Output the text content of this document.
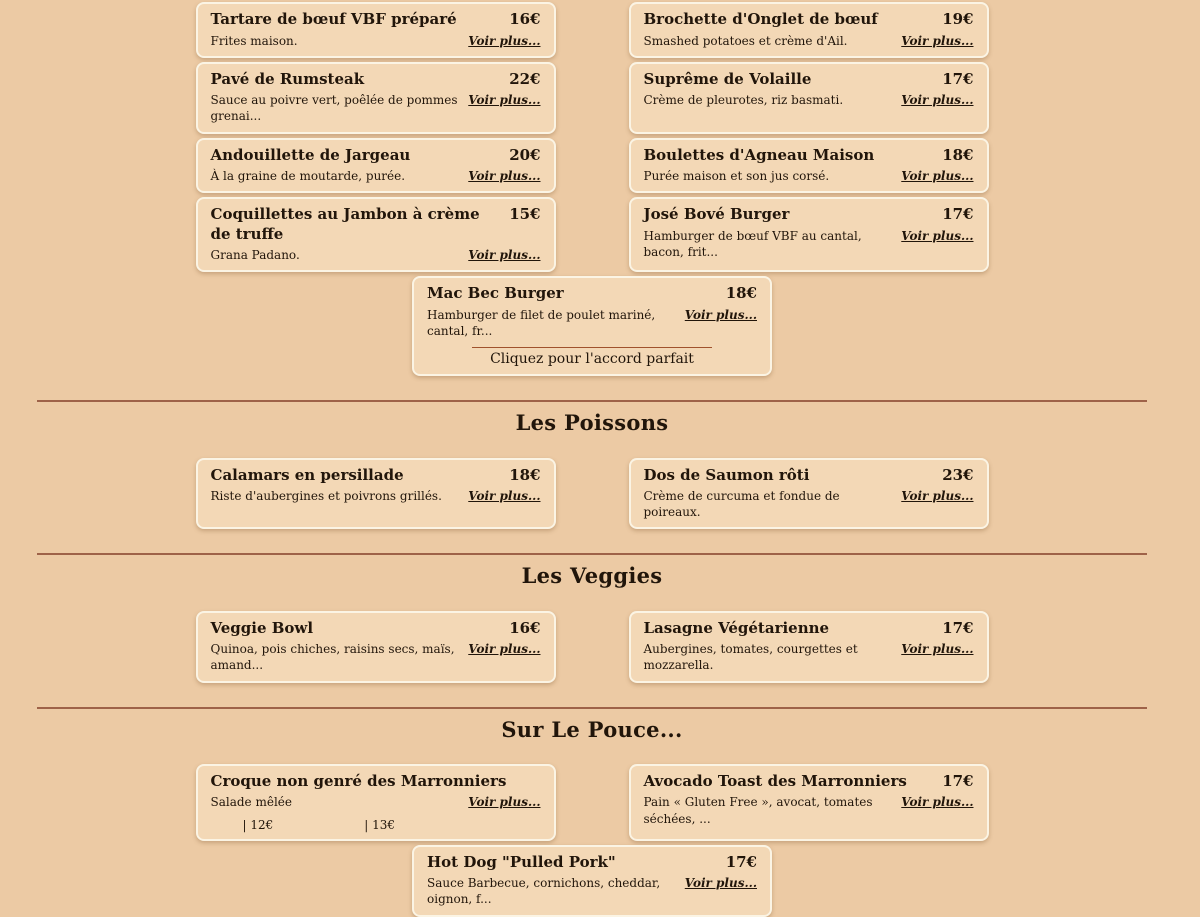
Tartare de bœuf VBF préparé	16€
Frites maison.	Voir plus...
Brochette d'Onglet de bœuf	19€
Smashed potatoes et crème d'Ail.	Voir plus...
Pavé de Rumsteak	22€
Sauce au poivre vert, poêlée de pommes grenai...
Voir plus...
Suprême de Volaille	17€
Crème de pleurotes, riz basmati.	Voir plus...
Andouillette de Jargeau	20€
À la graine de moutarde, purée.	Voir plus...
Boulettes d'Agneau Maison	18€
Purée maison et son jus corsé.	Voir plus...
Coquillettes au Jambon à crème de truffe
15€
Grana Padano.	Voir plus...
José Bové Burger	17€
Hamburger de bœuf VBF au cantal, bacon, frit...
Voir plus...
Mac Bec Burger	18€
Hamburger de filet de poulet mariné, cantal, fr...
Voir plus...
Cliquez pour l'accord parfait
Les Poissons
Calamars en persillade	18€
Riste d'aubergines et poivrons grillés.	Voir plus...
Dos de Saumon rôti	23€
Crème de curcuma et fondue de poireaux.
Voir plus...
Les Veggies
Veggie Bowl	16€
Quinoa, pois chiches, raisins secs, maïs, amand...
Voir plus...
Lasagne Végétarienne	17€
Aubergines, tomates, courgettes et mozzarella.
Voir plus...
Sur Le Pouce...
Croque non genré des Marronniers
Salade mêlée	Voir plus...
| 12€	| 13€
Avocado Toast des Marronniers	17€
Pain « Gluten Free », avocat, tomates séchées, ...
Voir plus...
Hot Dog "Pulled Pork"	17€
Sauce Barbecue, cornichons, cheddar, oignon, f...
Voir plus...
